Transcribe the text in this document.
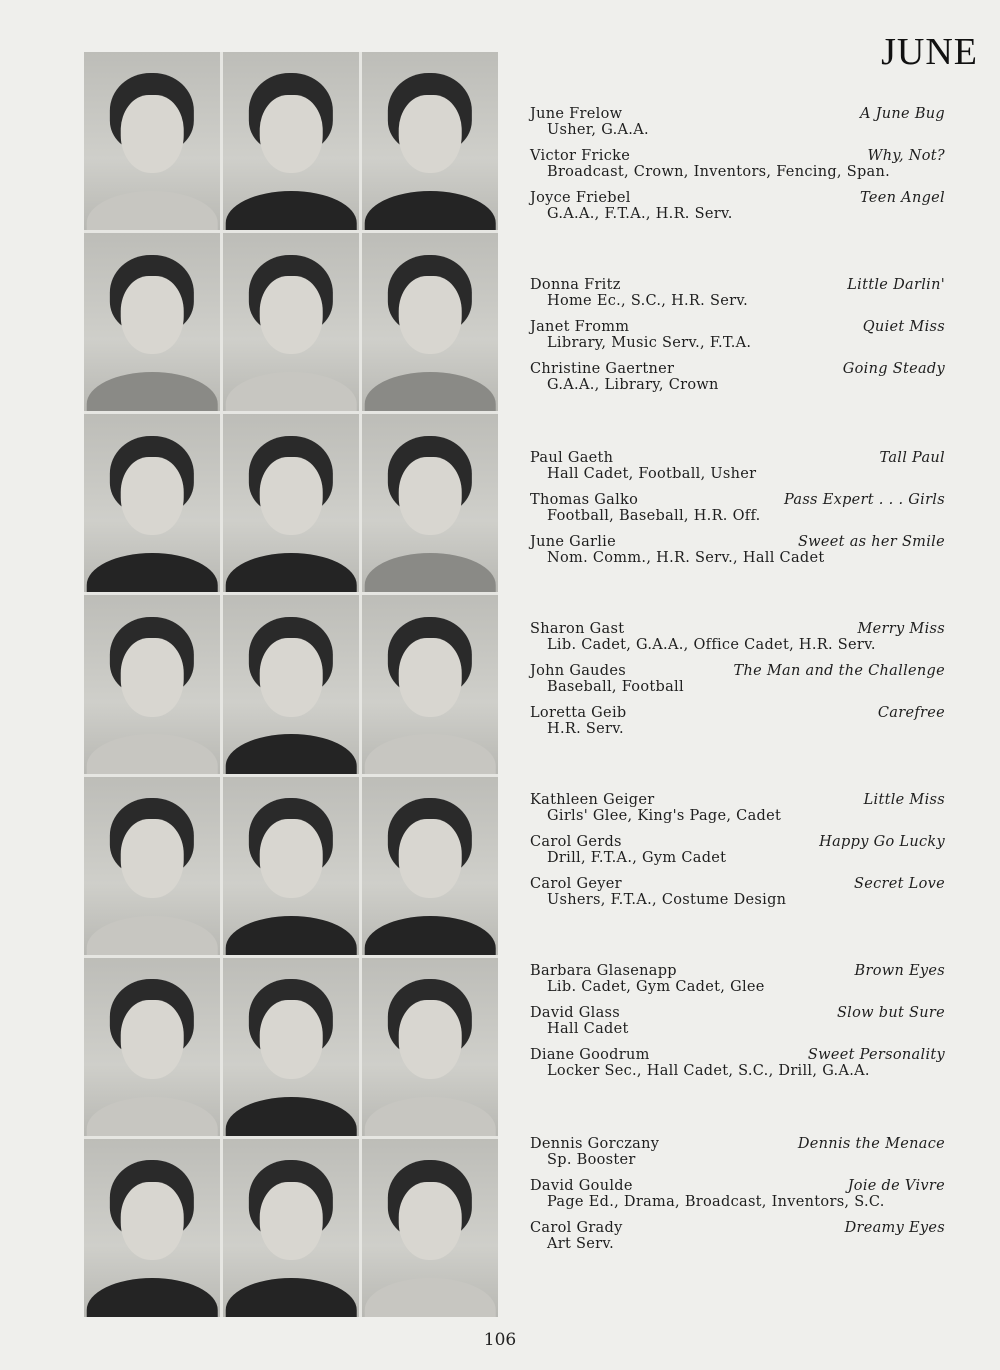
JUNE
June Frelow	A June Bug
Usher, G.A.A.
Victor Fricke	Why, Not?
Broadcast, Crown, Inventors, Fencing, Span.
Joyce Friebel	Teen Angel
G.A.A., F.T.A., H.R. Serv.
Donna Fritz	Little Darlin'
Home Ec., S.C., H.R. Serv.
Janet Fromm	Quiet Miss
Library, Music Serv., F.T.A.
Christine Gaertner	Going Steady
G.A.A., Library, Crown
Paul Gaeth	Tall Paul
Hall Cadet, Football, Usher
Thomas Galko	Pass Expert . . . Girls
Football, Baseball, H.R. Off.
June Garlie	Sweet as her Smile
Nom. Comm., H.R. Serv., Hall Cadet
Sharon Gast	Merry Miss
Lib. Cadet, G.A.A., Office Cadet, H.R. Serv.
John Gaudes	The Man and the Challenge
Baseball, Football
Loretta Geib	Carefree
H.R. Serv.
Kathleen Geiger	Little Miss
Girls' Glee, King's Page, Cadet
Carol Gerds	Happy Go Lucky
Drill, F.T.A., Gym Cadet
Carol Geyer	Secret Love
Ushers, F.T.A., Costume Design
Barbara Glasenapp	Brown Eyes
Lib. Cadet, Gym Cadet, Glee
David Glass	Slow but Sure
Hall Cadet
Diane Goodrum	Sweet Personality
Locker Sec., Hall Cadet, S.C., Drill, G.A.A.
Dennis Gorczany	Dennis the Menace
Sp. Booster
David Goulde	Joie de Vivre
Page Ed., Drama, Broadcast, Inventors, S.C.
Carol Grady	Dreamy Eyes
Art Serv.
106
